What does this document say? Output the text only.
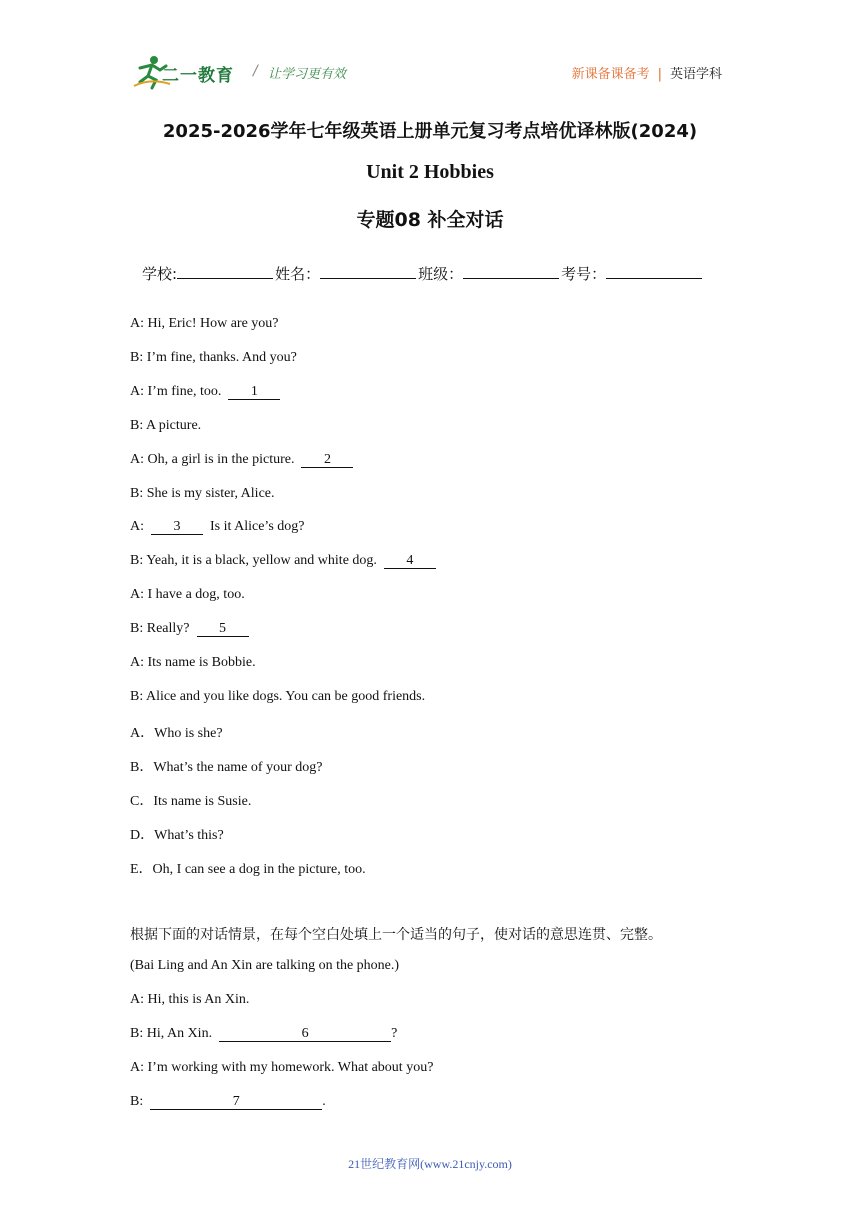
二一教育 / 让学习更有效	新课备课备考 | 英语学科
2025-2026学年七年级英语上册单元复习考点培优译林版(2024)
Unit 2 Hobbies
专题08 补全对话
学校:	姓名：	班级：	考号：
A: Hi, Eric! How are you?
B: I’m fine, thanks. And you?
A: I’m fine, too.  1
B: A picture.
A: Oh, a girl is in the picture.  2
B: She is my sister, Alice.
A:  3  Is it Alice’s dog?
B: Yeah, it is a black, yellow and white dog.  4
A: I have a dog, too.
B: Really?  5
A: Its name is Bobbie.
B: Alice and you like dogs. You can be good friends.
A．Who is she?
B．What’s the name of your dog?
C．Its name is Susie.
D．What’s this?
E．Oh, I can see a dog in the picture, too.
根据下面的对话情景，在每个空白处填上一个适当的句子，使对话的意思连贯、完整。
(Bai Ling and An Xin are talking on the phone.)
A: Hi, this is An Xin.
B: Hi, An Xin.	6	?
A: I’m working with my homework. What about you?
B:	7	.
21世纪教育网(www.21cnjy.com)
